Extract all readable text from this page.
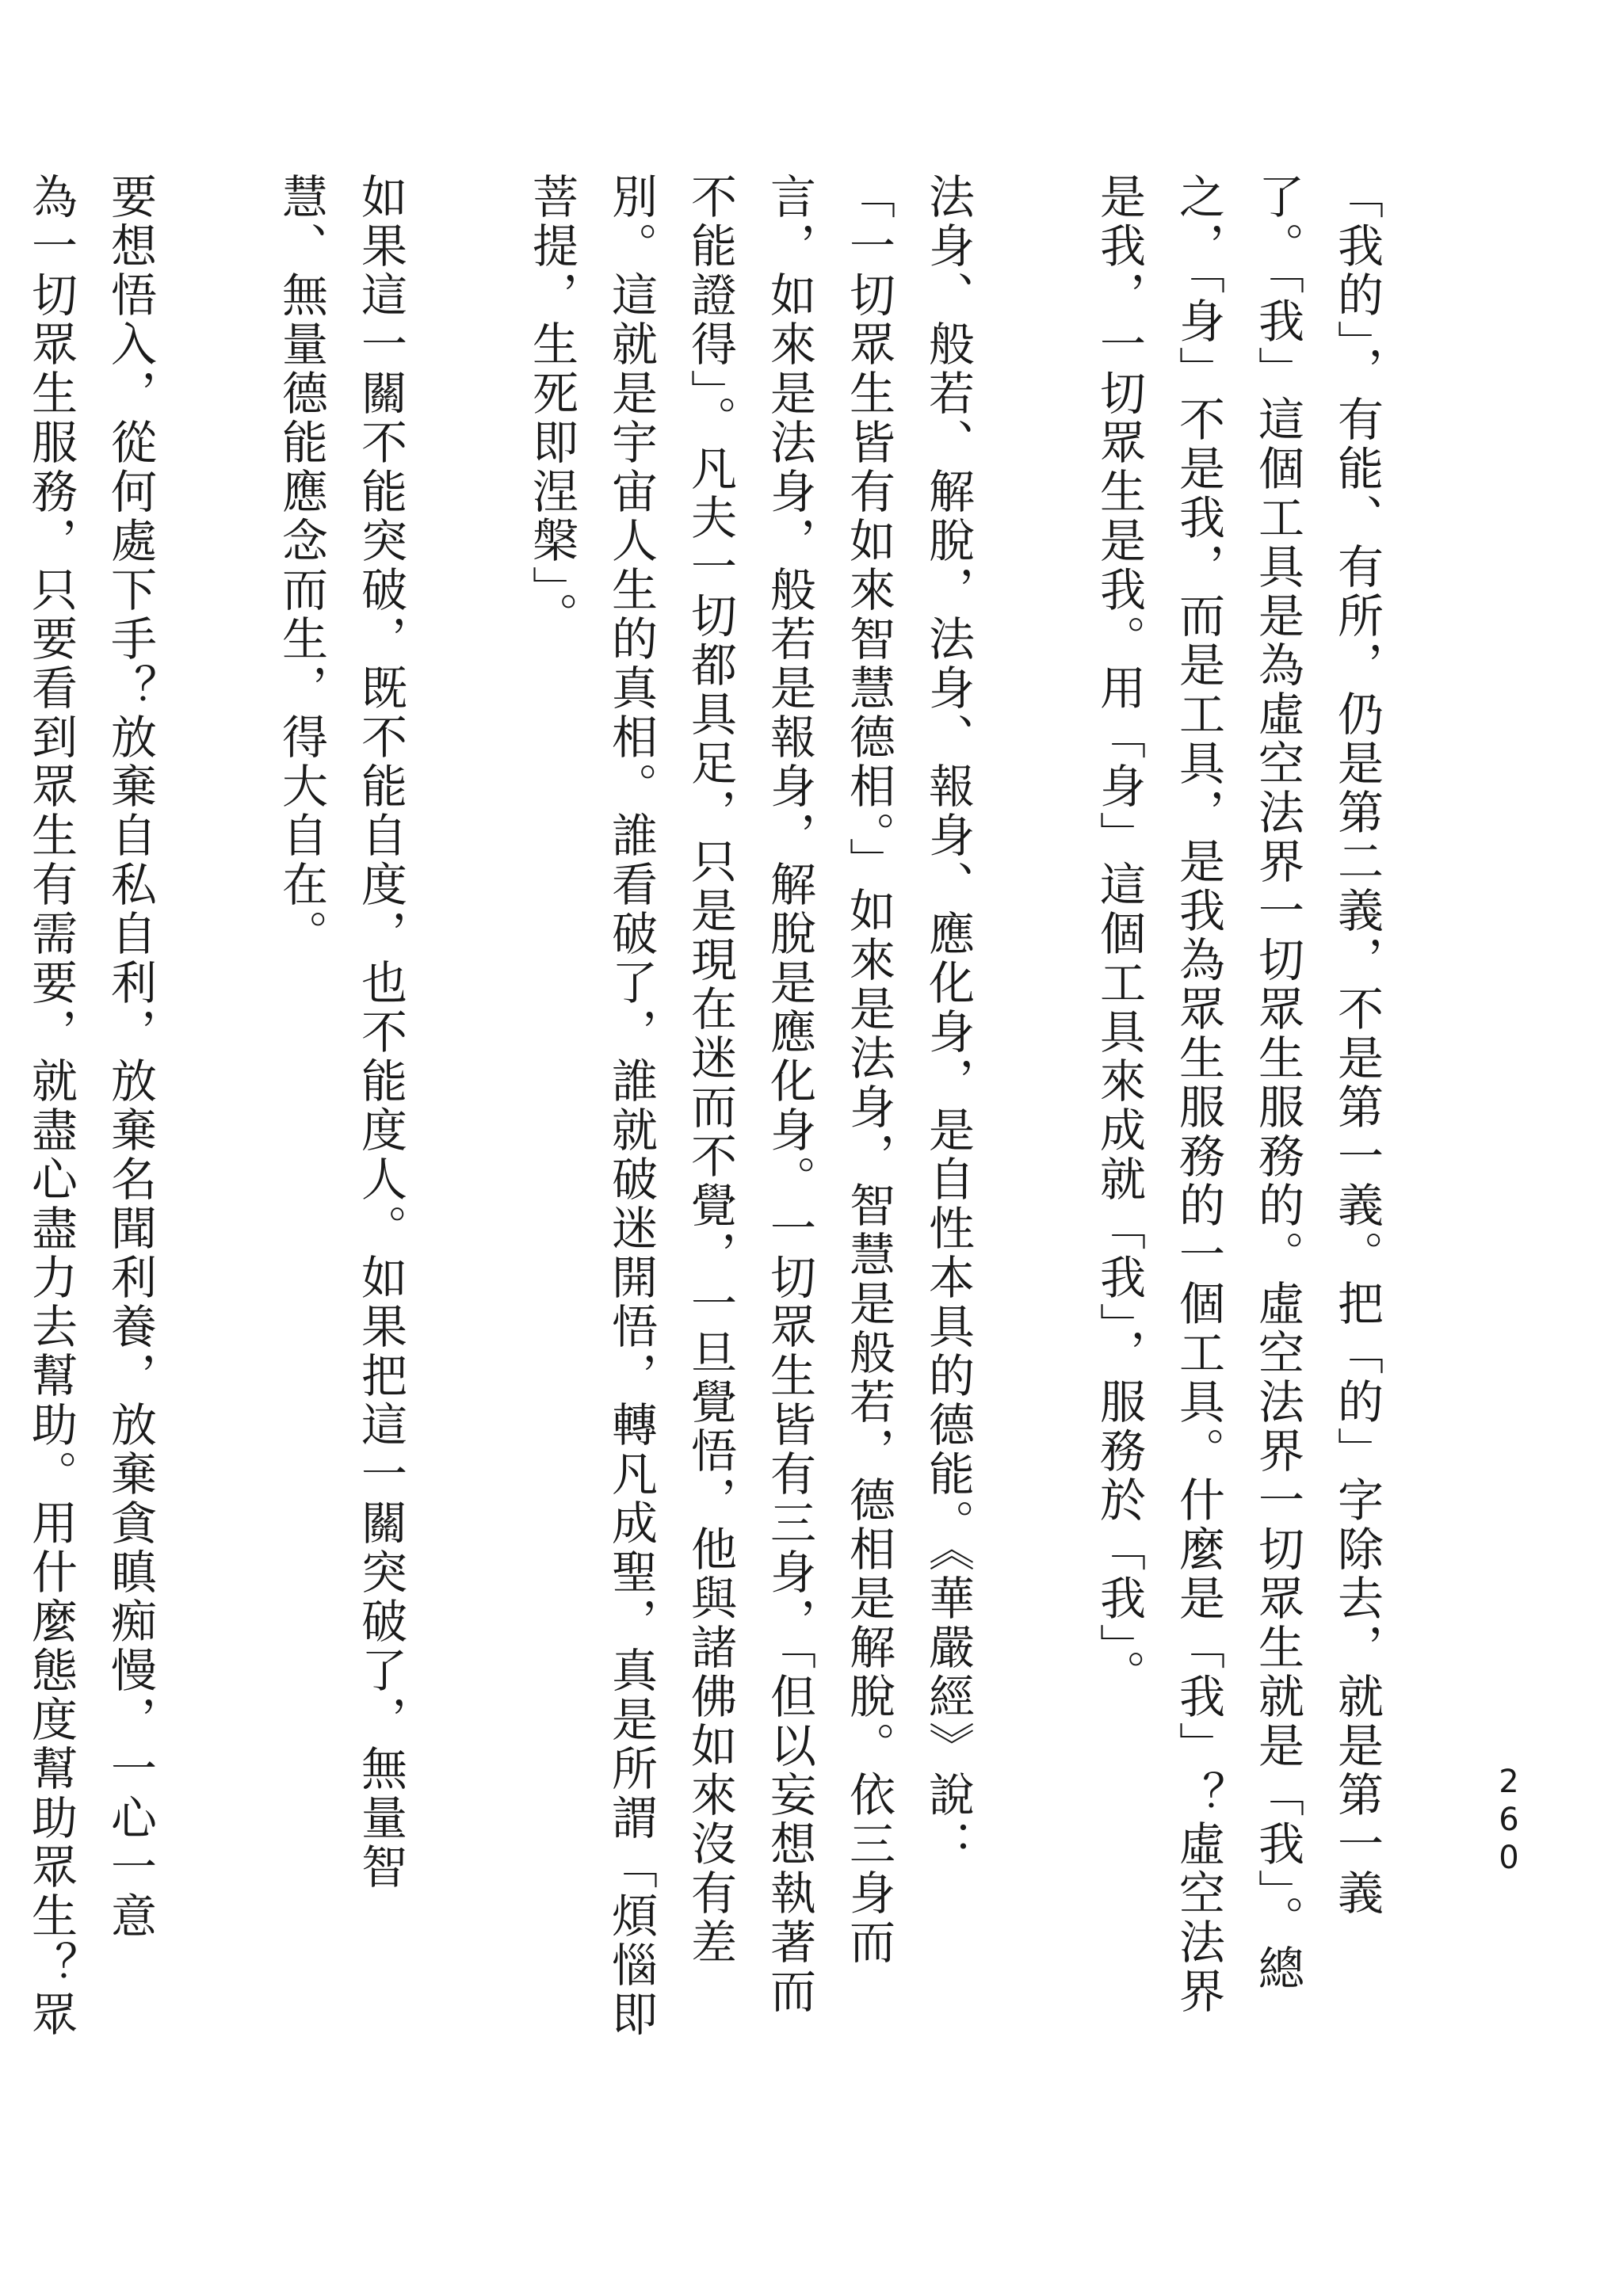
260
「我的」，有能、有所，仍是第二義，不是第一義。把「的」字除去，就是第一義
了。「我」這個工具是為虛空法界一切眾生服務的。虛空法界一切眾生就是「我」。總
之，「身」不是我，而是工具，是我為眾生服務的一個工具。什麼是「我」？虛空法界
是我，一切眾生是我。用「身」這個工具來成就「我」，服務於「我」。
法身、般若、解脫，法身、報身、應化身，是自性本具的德能。《華嚴經》說：
「一切眾生皆有如來智慧德相。」如來是法身，智慧是般若，德相是解脫。依三身而
言，如來是法身，般若是報身，解脫是應化身。一切眾生皆有三身，「但以妄想執著而
不能證得」。凡夫一切都具足，只是現在迷而不覺，一旦覺悟，他與諸佛如來沒有差
別。這就是宇宙人生的真相。誰看破了，誰就破迷開悟，轉凡成聖，真是所謂「煩惱即
菩提，生死即涅槃」。
如果這一關不能突破，既不能自度，也不能度人。如果把這一關突破了，無量智
慧、無量德能應念而生，得大自在。
要想悟入，從何處下手？放棄自私自利，放棄名聞利養，放棄貪瞋痴慢，一心一意
為一切眾生服務，只要看到眾生有需要，就盡心盡力去幫助。用什麼態度幫助眾生？眾
